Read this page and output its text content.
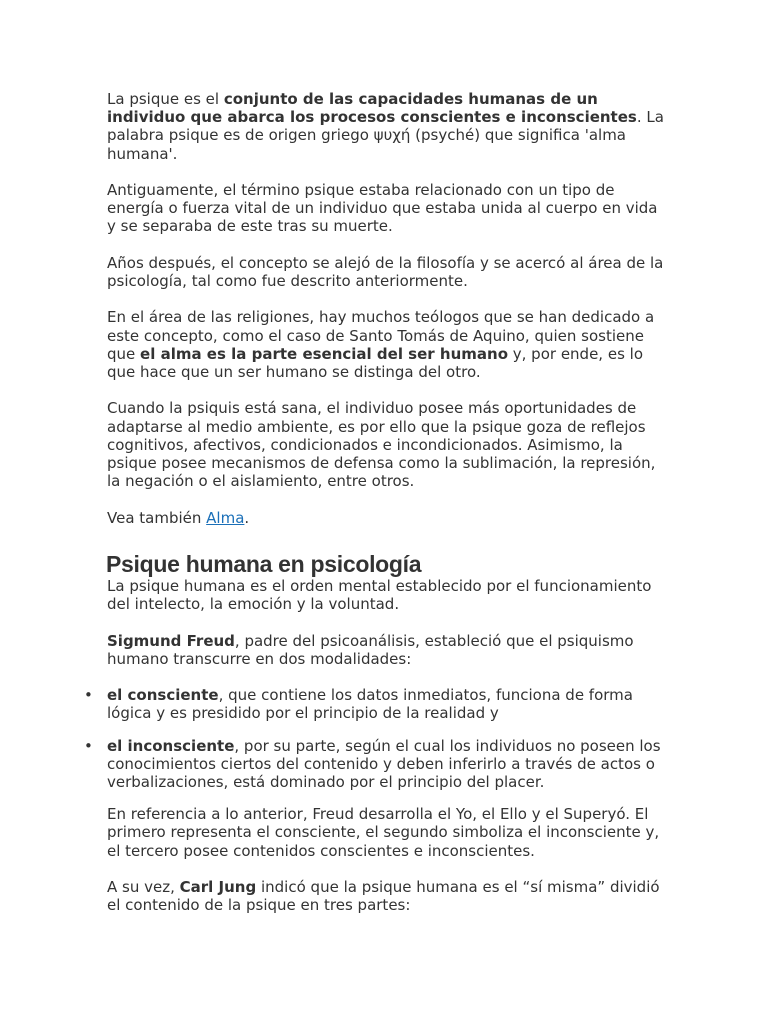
La psique es el conjunto de las capacidades humanas de un individuo que abarca los procesos conscientes e inconscientes. La palabra psique es de origen griego ψυχή (psyché) que significa 'alma humana'.

Antiguamente, el término psique estaba relacionado con un tipo de energía o fuerza vital de un individuo que estaba unida al cuerpo en vida y se separaba de este tras su muerte.

Años después, el concepto se alejó de la filosofía y se acercó al área de la psicología, tal como fue descrito anteriormente.

En el área de las religiones, hay muchos teólogos que se han dedicado a este concepto, como el caso de Santo Tomás de Aquino, quien sostiene que el alma es la parte esencial del ser humano y, por ende, es lo que hace que un ser humano se distinga del otro.

Cuando la psiquis está sana, el individuo posee más oportunidades de adaptarse al medio ambiente, es por ello que la psique goza de reflejos cognitivos, afectivos, condicionados e incondicionados. Asimismo, la psique posee mecanismos de defensa como la sublimación, la represión, la negación o el aislamiento, entre otros.

Vea también Alma.

Psique humana en psicología

La psique humana es el orden mental establecido por el funcionamiento del intelecto, la emoción y la voluntad.

Sigmund Freud, padre del psicoanálisis, estableció que el psiquismo humano transcurre en dos modalidades:

• el consciente, que contiene los datos inmediatos, funciona de forma lógica y es presidido por el principio de la realidad y
• el inconsciente, por su parte, según el cual los individuos no poseen los conocimientos ciertos del contenido y deben inferirlo a través de actos o verbalizaciones, está dominado por el principio del placer.

En referencia a lo anterior, Freud desarrolla el Yo, el Ello y el Superyó. El primero representa el consciente, el segundo simboliza el inconsciente y, el tercero posee contenidos conscientes e inconscientes.

A su vez, Carl Jung indicó que la psique humana es el “sí misma” dividió el contenido de la psique en tres partes:
